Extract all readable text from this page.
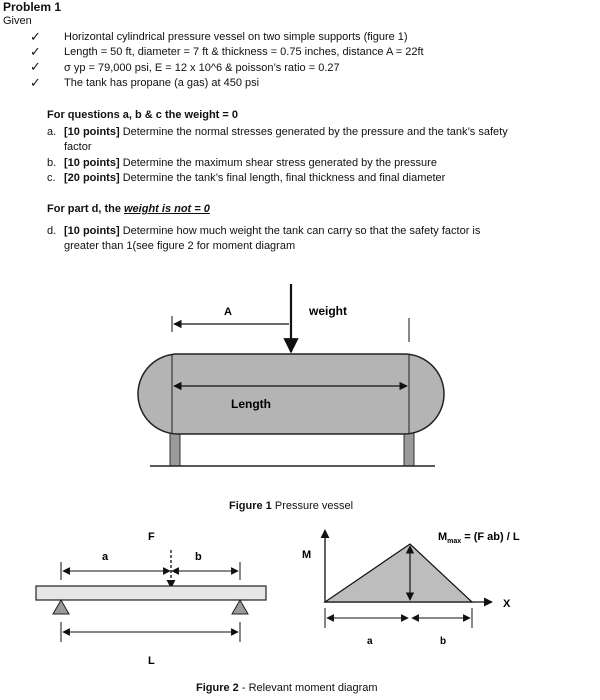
Problem 1
Given
✓ Horizontal cylindrical pressure vessel on two simple supports (figure 1)
✓ Length = 50 ft, diameter = 7 ft & thickness = 0.75 inches, distance A = 22ft
✓ σ yp = 79,000 psi, E = 12 x 10^6 & poisson’s ratio = 0.27
✓ The tank has propane (a gas) at 450 psi
For questions a, b & c the weight = 0
a. [10 points] Determine the normal stresses generated by the pressure and the tank’s safety
factor
b. [10 points] Determine the maximum shear stress generated by the pressure
c. [20 points] Determine the tank’s final length, final thickness and final diameter
For part d, the weight is not = 0
d. [10 points] Determine how much weight the tank can carry so that the safety factor is
greater than 1(see figure 2 for moment diagram
A	weight
Length
Figure 1 Pressure vessel
F
a	b
L
M
X
a	b
$M_{max} = (F$ ab) / L
Figure 2 - Relevant moment diagram
